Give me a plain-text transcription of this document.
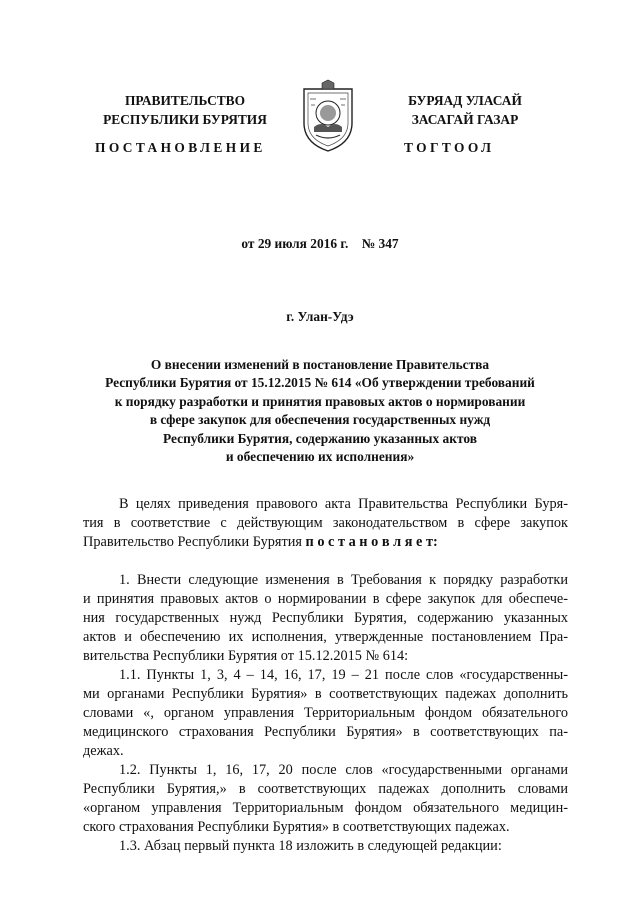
ПРАВИТЕЛЬСТВО
РЕСПУБЛИКИ БУРЯТИЯ
БУРЯАД УЛАСАЙ
ЗАСАГАЙ ГАЗАР
ПОСТАНОВЛЕНИЕ	ТОГТООЛ
от 29 июля 2016 г.    № 347
г. Улан-Удэ
О внесении изменений в постановление Правительства
Республики Бурятия от 15.12.2015 № 614 «Об утверждении требований
к порядку разработки и принятия правовых актов о нормировании
в сфере закупок для обеспечения государственных нужд
Республики Бурятия, содержанию указанных актов
и обеспечению их исполнения»
В целях приведения правового акта Правительства Республики Буря-
тия в соответствие с действующим законодательством в сфере закупок
Правительство Республики Бурятия п о с т а н о в л я е т:
1. Внести следующие изменения в Требования к порядку разработки
и принятия правовых актов о нормировании в сфере закупок для обеспече-
ния государственных нужд Республики Бурятия, содержанию указанных
актов и обеспечению их исполнения, утвержденные постановлением Пра-
вительства Республики Бурятия от 15.12.2015 № 614:
1.1. Пункты 1, 3, 4 – 14, 16, 17, 19 – 21 после слов «государственны-
ми органами Республики Бурятия» в соответствующих падежах дополнить
словами «, органом управления Территориальным фондом обязательного
медицинского страхования Республики Бурятия» в соответствующих па-
дежах.
1.2. Пункты 1, 16, 17, 20 после слов «государственными органами
Республики Бурятия,» в соответствующих падежах дополнить словами
«органом управления Территориальным фондом обязательного медицин-
ского страхования Республики Бурятия» в соответствующих падежах.
1.3. Абзац первый пункта 18 изложить в следующей редакции:
